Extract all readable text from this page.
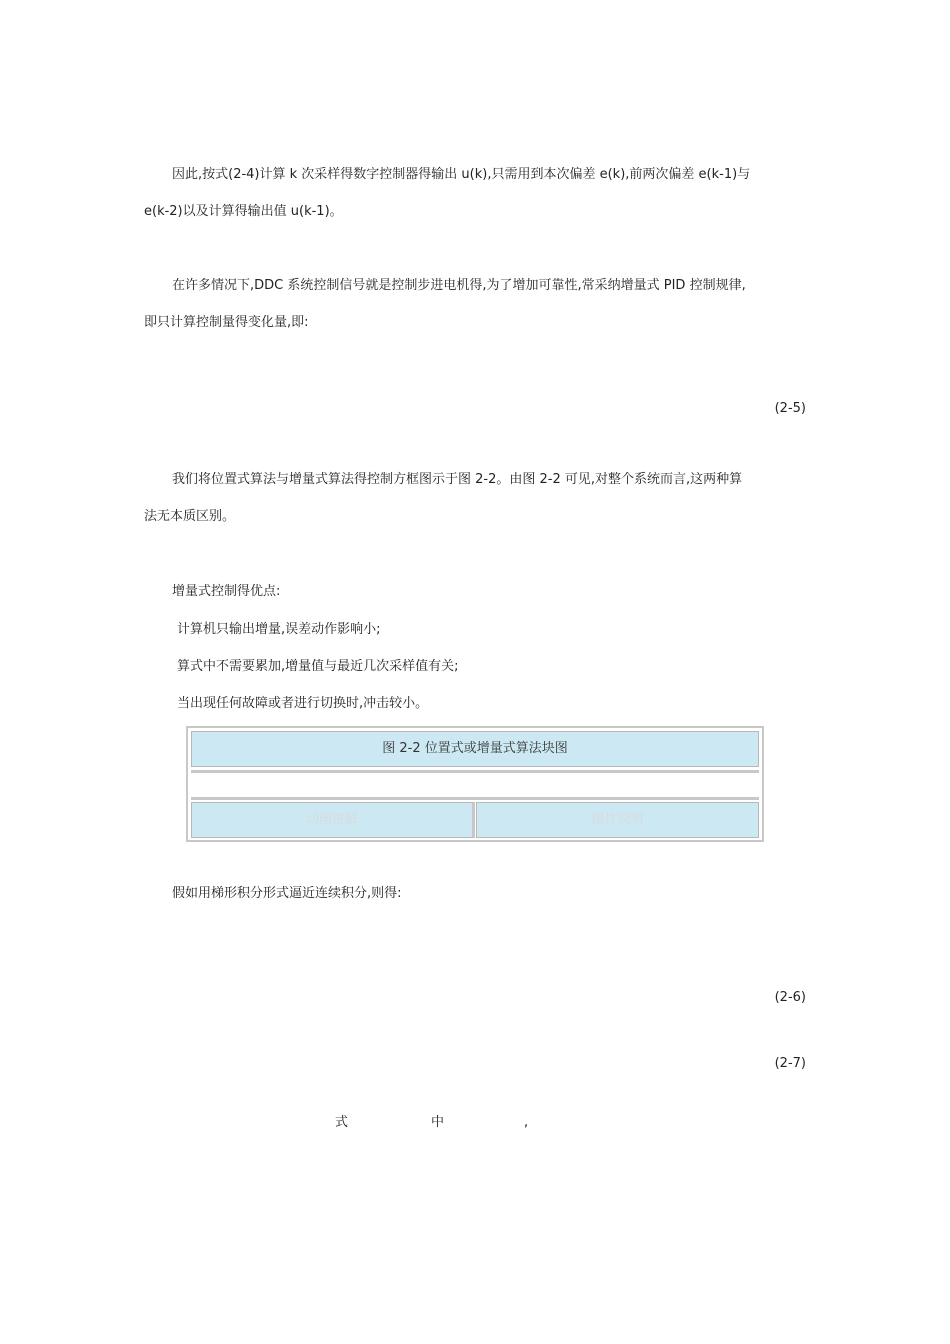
因此,按式(2-4)计算 k 次采样得数字控制器得输出 u(k),只需用到本次偏差 e(k),前两次偏差 e(k-1)与
e(k-2)以及计算得输出值 u(k-1)。
在许多情况下,DDC 系统控制信号就是控制步进电机得,为了增加可靠性,常采纳增量式 PID 控制规律,
即只计算控制量得变化量,即:
(2-5)
我们将位置式算法与增量式算法得控制方框图示于图 2-2。由图 2-2 可见,对整个系统而言,这两种算
法无本质区别。
增量式控制得优点:
计算机只输出增量,误差动作影响小;
算式中不需要累加,增量值与最近几次采样值有关;
当出现任何故障或者进行切换时,冲击较小。
图 2-2 位置式或增量式算法块图
动画讲解	图片说明
假如用梯形积分形式逼近连续积分,则得:
(2-6)
(2-7)
式	中	,
